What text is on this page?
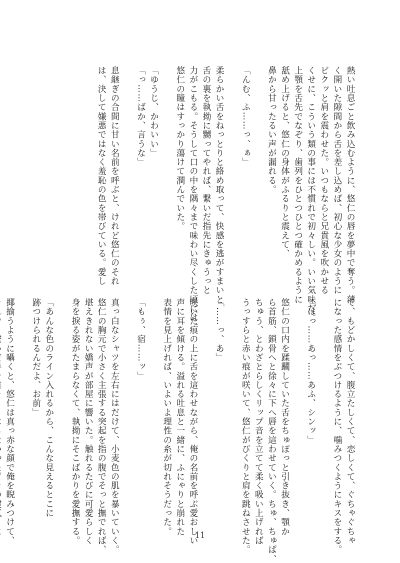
熱い吐息ごと飲み込むように、悠仁の唇を夢中で奪う。薄

く開いた隙間から舌を差し込めば、初心な少女のように

ビクッと肩を震わせた。いつもならと兄貴風を吹かせる

くせに、こういう類の事には不慣れで初々しい。いい気味だ。

上顎を舌先でなぞり、歯列をひとつひとつ確かめるように

舐め上げると、悠仁の身体がふるりと震えて、

鼻から甘ったるい声が漏れる。

「んむ、ふ……っ、ぁ」

柔らかい舌をねっとりと絡め取って、快感を逃がすまいと

舌の裏を執拗に嬲ってやれば、繋いだ指先にきゅうっと

力がこもる。そうして口の中を隅々まで味わい尽くした頃には、

悠仁の瞳はすっかり蕩けて潤んでいた。

「ゆうじ、かわいい」

「っ……ばか、言うな」

息継ぎの合間に甘い名前を呼ぶと、けれど悠仁のそれ

は、決して嫌悪ではなく羞恥の色を帯びている。愛し

て、もどかしくて、腹立たしくて、恋しくて、ぐちゃぐちゃ

になった感情をぶつけるように、噛みつくようにキスをする。

「はっ……あっ……あふ、シンッ」

悠仁の口内を蹂躙していた舌をちゅぽっと引き抜き、顎か

ら首筋、鎖骨へと徐々に下へ唇を這わせていく。ちゅ、ちゅぱ、

ちゅう、とわざとらしくリップ音を立てて柔く吸い上げれば

うっすらと赤い痕が咲いて、悠仁がびくりと肩を跳ねさせた。

「……っ、あ」

咲いた痕の上に舌を這わせながら、俺の名前を呼ぶ愛おしい

声に耳を傾ける。溢れる吐息と一緒に、ふにゃりと崩れた

表情を見上げれば、いよいよ理性の糸が切れそうだった。

「もぅ、宿……ッ」

真っ白なシャツを左右にはだけて、小麦色の肌を暴いていく。

悠仁の胸元で小さく主張する突起を指の腹でそっと撫でれば、

堪えきれない嬌声が部屋に響いた。触れるたびに可愛らしく

身を捩る姿がたまらなくて、執拗にそこばかりを愛撫する。

「あんな色のライン入れるから、こんな見えるとこに

跡つけられるんだよ、お前」

揶揄うように囁くと、悠仁は真っ赤な顔で俺を睨みつけて、	11
